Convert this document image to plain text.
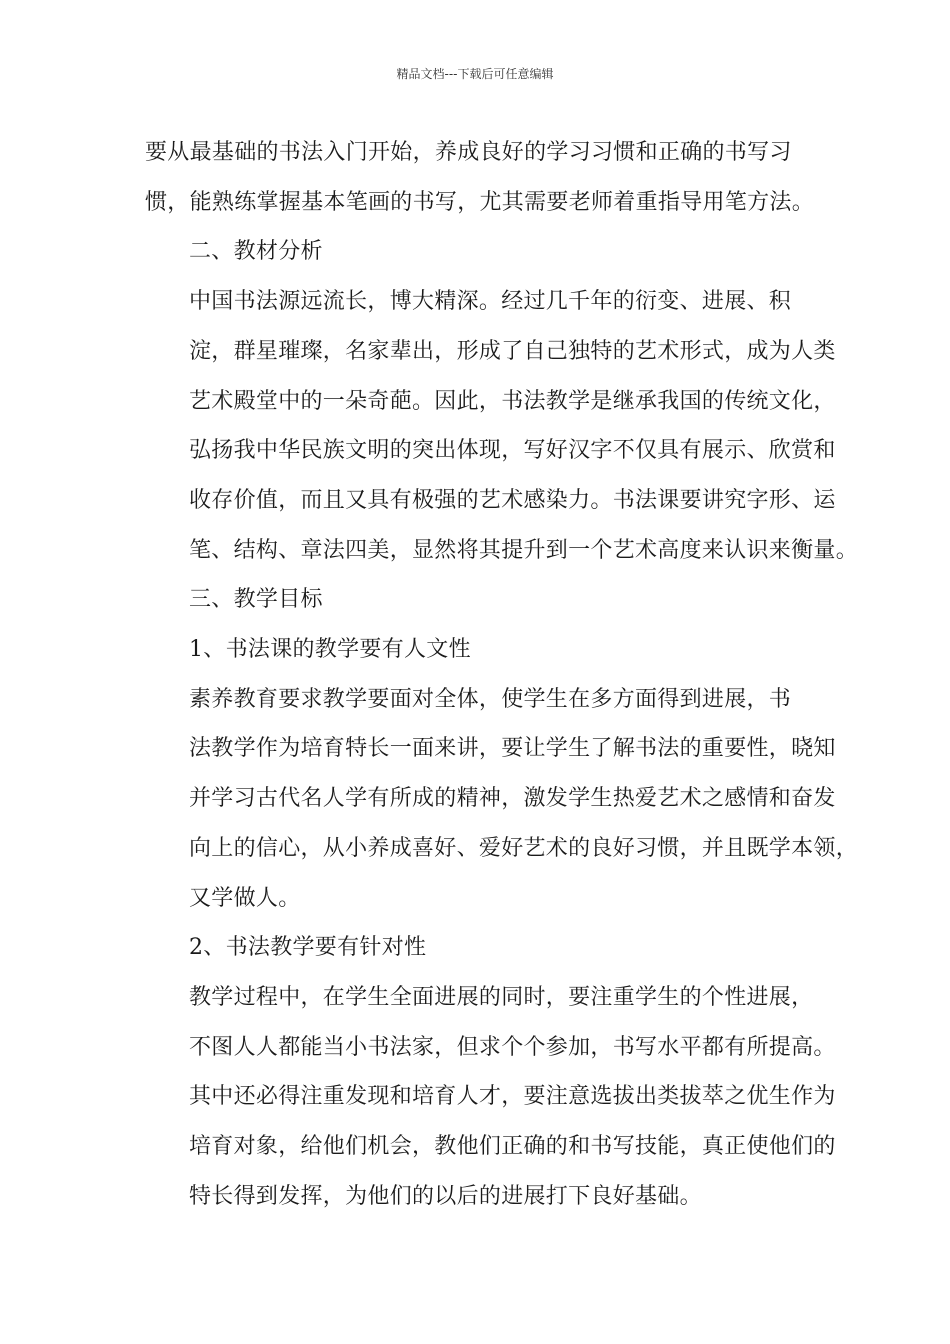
精品文档---下载后可任意编辑

要从最基础的书法入门开始，养成良好的学习习惯和正确的书写习
惯，能熟练掌握基本笔画的书写，尤其需要老师着重指导用笔方法。

二、教材分析

中国书法源远流长，博大精深。经过几千年的衍变、进展、积
淀，群星璀璨，名家辈出，形成了自己独特的艺术形式，成为人类
艺术殿堂中的一朵奇葩。因此，书法教学是继承我国的传统文化，
弘扬我中华民族文明的突出体现，写好汉字不仅具有展示、欣赏和
收存价值，而且又具有极强的艺术感染力。书法课要讲究字形、运
笔、结构、章法四美，显然将其提升到一个艺术高度来认识来衡量。

三、教学目标

1、书法课的教学要有人文性

素养教育要求教学要面对全体，使学生在多方面得到进展，书
法教学作为培育特长一面来讲，要让学生了解书法的重要性，晓知
并学习古代名人学有所成的精神，激发学生热爱艺术之感情和奋发
向上的信心，从小养成喜好、爱好艺术的良好习惯，并且既学本领，
又学做人。

2、书法教学要有针对性

教学过程中，在学生全面进展的同时，要注重学生的个性进展，
不图人人都能当小书法家，但求个个参加，书写水平都有所提高。
其中还必得注重发现和培育人才，要注意选拔出类拔萃之优生作为
培育对象，给他们机会，教他们正确的和书写技能，真正使他们的
特长得到发挥，为他们的以后的进展打下良好基础。
